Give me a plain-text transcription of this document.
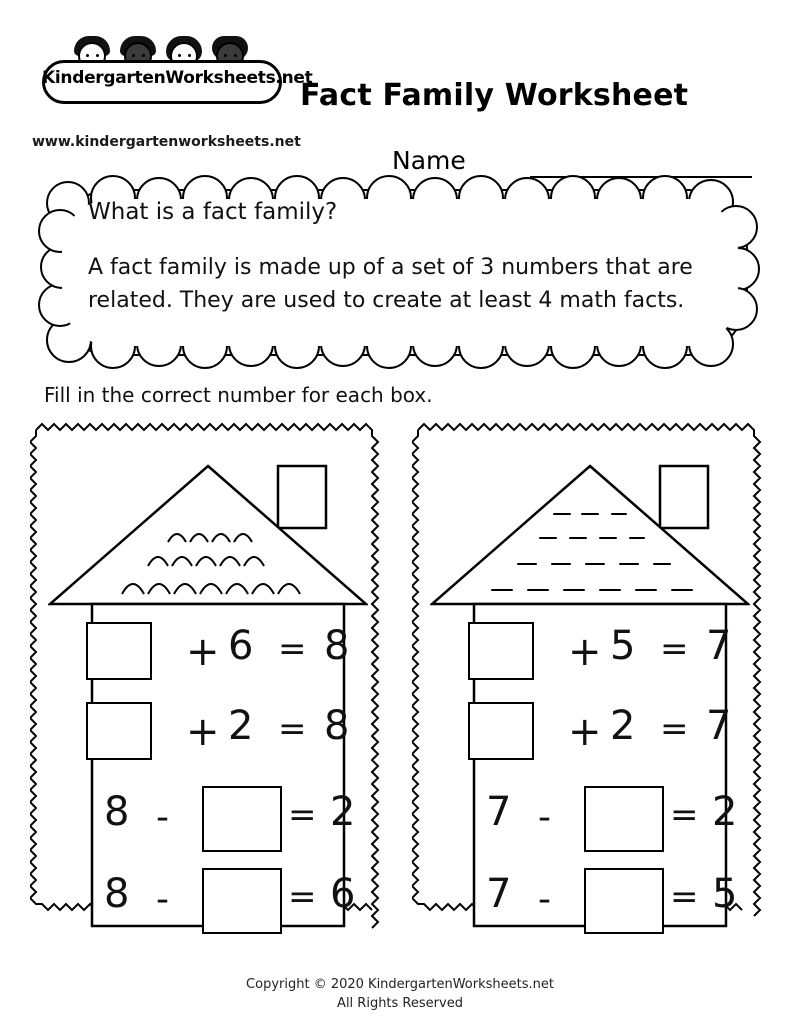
KindergartenWorksheets.net
www.kindergartenworksheets.net
Fact Family Worksheet
Name
What is a fact family?
A fact family is made up of a set of 3 numbers that are related. They are used to create at least 4 math facts.
Fill in the correct number for each box.
+ 6 = 8
+ 2 = 8
8 -	= 2
8 -	= 6
+ 5 = 7
+ 2 = 7
7 -	= 2
7 -	= 5
Copyright © 2020 KindergartenWorksheets.net
All Rights Reserved
